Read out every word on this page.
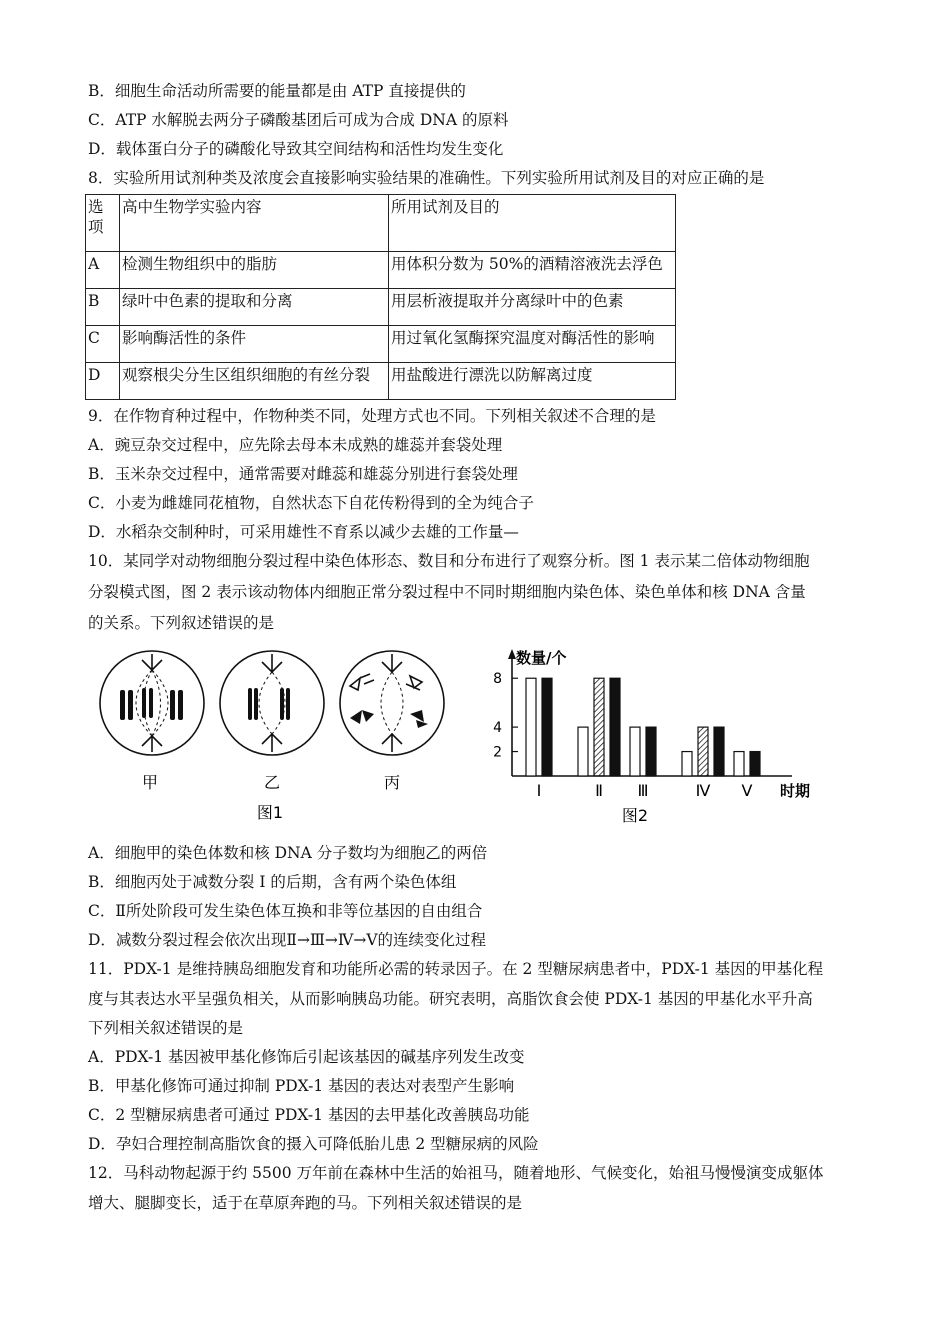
B．细胞生命活动所需要的能量都是由 ATP 直接提供的
C．ATP 水解脱去两分子磷酸基团后可成为合成 DNA 的原料
D．载体蛋白分子的磷酸化导致其空间结构和活性均发生变化
8．实验所用试剂种类及浓度会直接影响实验结果的准确性。下列实验所用试剂及目的对应正确的是
选项	高中生物学实验内容	所用试剂及目的
A	检测生物组织中的脂肪	用体积分数为 50%的酒精溶液洗去浮色
B	绿叶中色素的提取和分离	用层析液提取并分离绿叶中的色素
C	影响酶活性的条件	用过氧化氢酶探究温度对酶活性的影响
D	观察根尖分生区组织细胞的有丝分裂	用盐酸进行漂洗以防解离过度
9．在作物育种过程中，作物种类不同，处理方式也不同。下列相关叙述不合理的是
A．豌豆杂交过程中，应先除去母本未成熟的雄蕊并套袋处理
B．玉米杂交过程中，通常需要对雌蕊和雄蕊分别进行套袋处理
C．小麦为雌雄同花植物，自然状态下自花传粉得到的全为纯合子
D．水稻杂交制种时，可采用雄性不育系以减少去雄的工作量—
10．某同学对动物细胞分裂过程中染色体形态、数目和分布进行了观察分析。图 1 表示某二倍体动物细胞
分裂模式图，图 2 表示该动物体内细胞正常分裂过程中不同时期细胞内染色体、染色单体和核 DNA 含量
的关系。下列叙述错误的是
甲	乙	丙
图1
数量/个
2
4
8
Ⅰ	Ⅱ Ⅲ	Ⅳ Ⅴ 时期
图2
A．细胞甲的染色体数和核 DNA 分子数均为细胞乙的两倍
B．细胞丙处于减数分裂 I 的后期，含有两个染色体组
C．Ⅱ所处阶段可发生染色体互换和非等位基因的自由组合
D．减数分裂过程会依次出现Ⅱ→Ⅲ→Ⅳ→Ⅴ的连续变化过程
11．PDX-1 是维持胰岛细胞发育和功能所必需的转录因子。在 2 型糖尿病患者中，PDX-1 基因的甲基化程
度与其表达水平呈强负相关，从而影响胰岛功能。研究表明，高脂饮食会使 PDX-1 基因的甲基化水平升高
下列相关叙述错误的是
A．PDX-1 基因被甲基化修饰后引起该基因的碱基序列发生改变
B．甲基化修饰可通过抑制 PDX-1 基因的表达对表型产生影响
C．2 型糖尿病患者可通过 PDX-1 基因的去甲基化改善胰岛功能
D．孕妇合理控制高脂饮食的摄入可降低胎儿患 2 型糖尿病的风险
12．马科动物起源于约 5500 万年前在森林中生活的始祖马，随着地形、气候变化，始祖马慢慢演变成躯体
增大、腿脚变长，适于在草原奔跑的马。下列相关叙述错误的是
